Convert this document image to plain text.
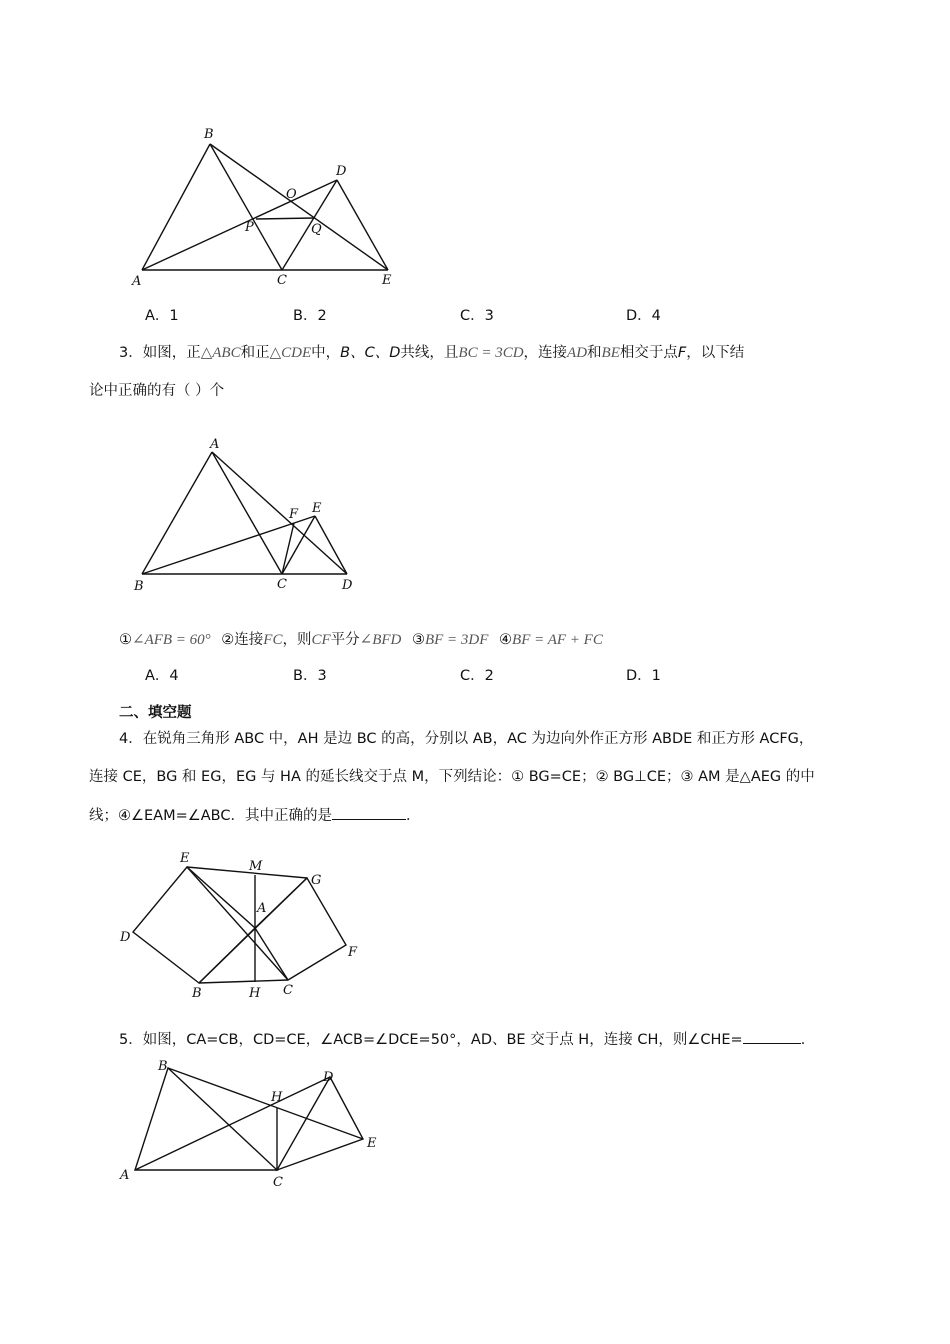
B
D
O
P	Q
A	C	E
A．1	B．2	C．3	D．4
3．如图，正△ABC和正△CDE中，B、C、D共线，且BC = 3CD，连接AD和BE相交于点F，以下结
论中正确的有（ ）个
A
F E
B	C	D
①∠AFB = 60° ②连接FC，则CF平分∠BFD ③BF = 3DF ④BF = AF + FC
A．4	B．3	C．2	D．1
二、填空题
4．在锐角三角形 ABC 中，AH 是边 BC 的高，分别以 AB，AC 为边向外作正方形 ABDE 和正方形 ACFG，
连接 CE，BG 和 EG，EG 与 HA 的延长线交于点 M，下列结论：① BG=CE；② BG⊥CE；③ AM 是△AEG 的中
线；④∠EAM=∠ABC．其中正确的是	．
E
M
G
A
D
F
B	H C
5．如图，CA=CB，CD=CE，∠ACB=∠DCE=50°，AD、BE 交于点 H，连接 CH，则∠CHE=	．
B
D
H
E
A	C
